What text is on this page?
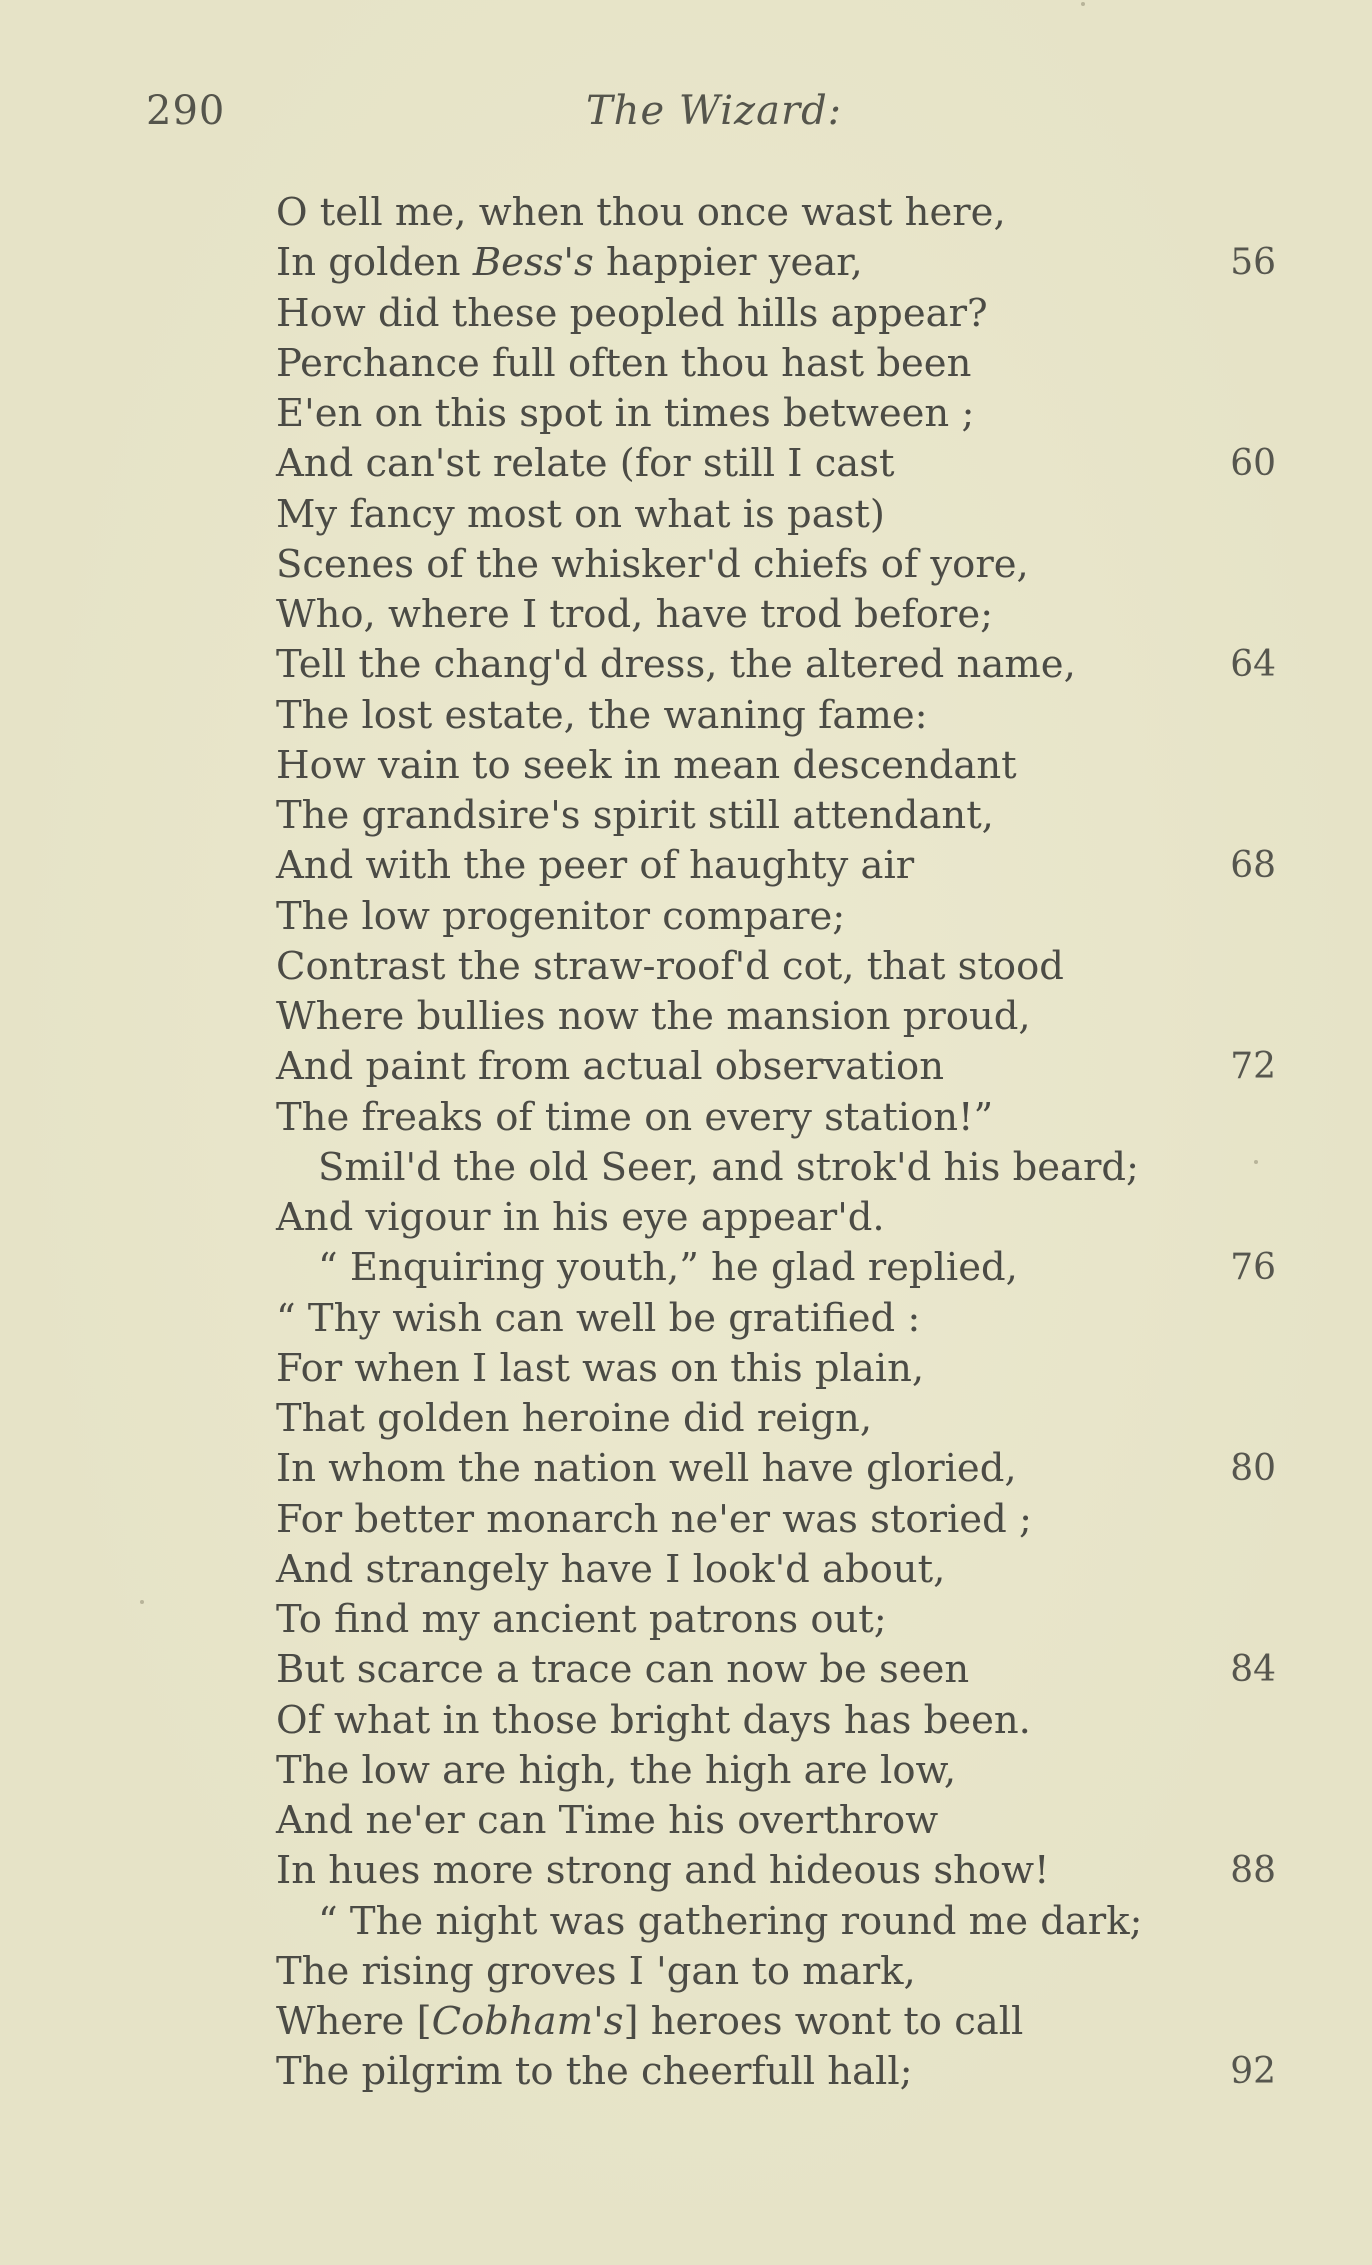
290	The Wizard:
O tell me, when thou once wast here,
In golden Bess's happier year,	56
How did these peopled hills appear?
Perchance full often thou hast been
E'en on this spot in times between ;
And can'st relate (for still I cast	60
My fancy most on what is past)
Scenes of the whisker'd chiefs of yore,
Who, where I trod, have trod before;
Tell the chang'd dress, the altered name,	64
The lost estate, the waning fame:
How vain to seek in mean descendant
The grandsire's spirit still attendant,
And with the peer of haughty air	68
The low progenitor compare;
Contrast the straw-roof'd cot, that stood
Where bullies now the mansion proud,
And paint from actual observation	72
The freaks of time on every station!”
Smil'd the old Seer, and strok'd his beard;
And vigour in his eye appear'd.
“ Enquiring youth,” he glad replied,	76
“ Thy wish can well be gratified :
For when I last was on this plain,
That golden heroine did reign,
In whom the nation well have gloried,	80
For better monarch ne'er was storied ;
And strangely have I look'd about,
To find my ancient patrons out;
But scarce a trace can now be seen	84
Of what in those bright days has been.
The low are high, the high are low,
And ne'er can Time his overthrow
In hues more strong and hideous show!	88
“ The night was gathering round me dark;
The rising groves I 'gan to mark,
Where [Cobham's] heroes wont to call
The pilgrim to the cheerfull hall;	92
